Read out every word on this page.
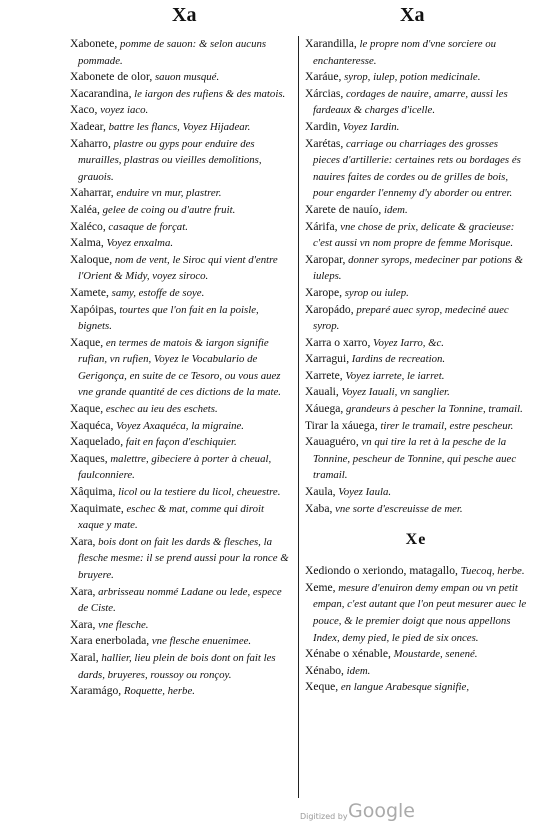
Xa	Xa

Xabonete, pomme de sauon: & selon aucuns pommade.

Xabonete de olor, sauon musqué.

Xacarandina, le iargon des rufiens & des matois.

Xaco, voyez iaco.

Xadear, battre les flancs, Voyez Hijadear.

Xaharro, plastre ou gyps pour enduire des murailles, plastras ou vieilles demolitions, grauois.

Xaharrar, enduire vn mur, plastrer.

Xaléa, gelee de coing ou d'autre fruit.

Xaléco, casaque de forçat.

Xalma, Voyez enxalma.

Xaloque, nom de vent, le Siroc qui vient d'entre l'Orient & Midy, voyez siroco.

Xamete, samy, estoffe de soye.

Xapóipas, tourtes que l'on fait en la poisle, bignets.

Xaque, en termes de matois & iargon signifie rufian, vn rufien, Voyez le Vocabulario de Gerigonça, en suite de ce Tesoro, ou vous auez vne grande quantité de ces dictions de la mate.

Xaque, eschec au ieu des eschets.

Xaquéca, Voyez Axaquéca, la migraine.

Xaquelado, fait en façon d'eschiquier.

Xaques, malettre, gibeciere à porter à cheual, faulconniere.

Xâquima, licol ou la testiere du licol, cheuestre.

Xaquimate, eschec & mat, comme qui diroit xaque y mate.

Xara, bois dont on fait les dards & flesches, la flesche mesme: il se prend aussi pour la ronce & bruyere.

Xara, arbrisseau nommé Ladane ou lede, espece de Ciste.

Xara, vne flesche.

Xara enerbolada, vne flesche enuenimee.

Xaral, hallier, lieu plein de bois dont on fait les dards, bruyeres, roussoy ou ronçoy.

Xaramágo, Roquette, herbe.

Xarandilla, le propre nom d'vne sorciere ou enchanteresse.

Xaráue, syrop, iulep, potion medicinale.

Xárcias, cordages de nauire, amarre, aussi les fardeaux & charges d'icelle.

Xardin, Voyez Iardin.

Xarétas, carriage ou charriages des grosses pieces d'artillerie: certaines rets ou bordages és nauires faites de cordes ou de grilles de bois, pour engarder l'ennemy d'y aborder ou entrer.

Xarete de nauío, idem.

Xárifa, vne chose de prix, delicate & gracieuse: c'est aussi vn nom propre de femme Morisque.

Xaropar, donner syrops, medeciner par potions & iuleps.

Xarope, syrop ou iulep.

Xaropádo, preparé auec syrop, medeciné auec syrop.

Xarra o xarro, Voyez Iarro, &c.

Xarragui, Iardins de recreation.

Xarrete, Voyez iarrete, le iarret.

Xauali, Voyez Iauali, vn sanglier.

Xáuega, grandeurs à pescher la Tonnine, tramail.

Tirar la xáuega, tirer le tramail, estre pescheur.

Xauaguéro, vn qui tire la ret à la pesche de la Tonnine, pescheur de Tonnine, qui pesche auec tramail.

Xaula, Voyez Iaula.

Xaba, vne sorte d'escreuisse de mer.

Xe

Xediondo o xeriondo, matagallo, Tuecoq, herbe.

Xeme, mesure d'enuiron demy empan ou vn petit empan, c'est autant que l'on peut mesurer auec le pouce, & le premier doigt que nous appellons Index, demy pied, le pied de six onces.

Xénabe o xénable, Moustarde, senené.

Xénabo, idem.

Xeque, en langue Arabesque signifie,

Digitized by Google
